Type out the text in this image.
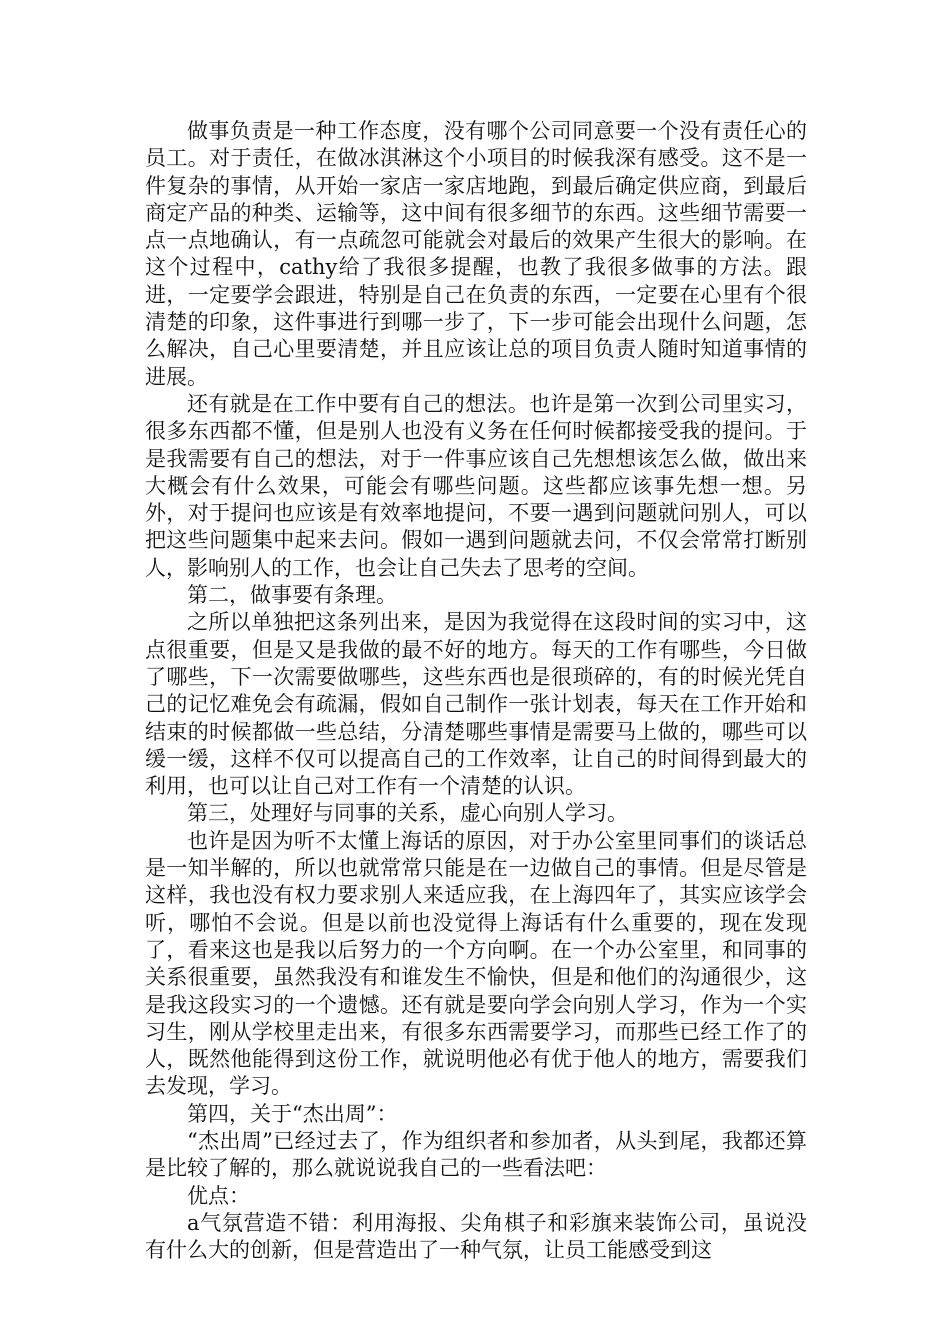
做事负责是一种工作态度，没有哪个公司同意要一个没有责任心的员工。对于责任，在做冰淇淋这个小项目的时候我深有感受。这不是一件复杂的事情，从开始一家店一家店地跑，到最后确定供应商，到最后商定产品的种类、运输等，这中间有很多细节的东西。这些细节需要一点一点地确认，有一点疏忽可能就会对最后的效果产生很大的影响。在这个过程中，cathy给了我很多提醒，也教了我很多做事的方法。跟进，一定要学会跟进，特别是自己在负责的东西，一定要在心里有个很清楚的印象，这件事进行到哪一步了，下一步可能会出现什么问题，怎么解决，自己心里要清楚，并且应该让总的项目负责人随时知道事情的进展。

还有就是在工作中要有自己的想法。也许是第一次到公司里实习，很多东西都不懂，但是别人也没有义务在任何时候都接受我的提问。于是我需要有自己的想法，对于一件事应该自己先想想该怎么做，做出来大概会有什么效果，可能会有哪些问题。这些都应该事先想一想。另外，对于提问也应该是有效率地提问，不要一遇到问题就问别人，可以把这些问题集中起来去问。假如一遇到问题就去问，不仅会常常打断别人，影响别人的工作，也会让自己失去了思考的空间。

第二，做事要有条理。

之所以单独把这条列出来，是因为我觉得在这段时间的实习中，这点很重要，但是又是我做的最不好的地方。每天的工作有哪些，今日做了哪些，下一次需要做哪些，这些东西也是很琐碎的，有的时候光凭自己的记忆难免会有疏漏，假如自己制作一张计划表，每天在工作开始和结束的时候都做一些总结，分清楚哪些事情是需要马上做的，哪些可以缓一缓，这样不仅可以提高自己的工作效率，让自己的时间得到最大的利用，也可以让自己对工作有一个清楚的认识。

第三，处理好与同事的关系，虚心向别人学习。

也许是因为听不太懂上海话的原因，对于办公室里同事们的谈话总是一知半解的，所以也就常常只能是在一边做自己的事情。但是尽管是这样，我也没有权力要求别人来适应我，在上海四年了，其实应该学会听，哪怕不会说。但是以前也没觉得上海话有什么重要的，现在发现了，看来这也是我以后努力的一个方向啊。在一个办公室里，和同事的关系很重要，虽然我没有和谁发生不愉快，但是和他们的沟通很少，这是我这段实习的一个遗憾。还有就是要向学会向别人学习，作为一个实习生，刚从学校里走出来，有很多东西需要学习，而那些已经工作了的人，既然他能得到这份工作，就说明他必有优于他人的地方，需要我们去发现，学习。

第四，关于“杰出周”：

“杰出周”已经过去了，作为组织者和参加者，从头到尾，我都还算是比较了解的，那么就说说我自己的一些看法吧：

优点：

a气氛营造不错：利用海报、尖角棋子和彩旗来装饰公司，虽说没有什么大的创新，但是营造出了一种气氛，让员工能感受到这
